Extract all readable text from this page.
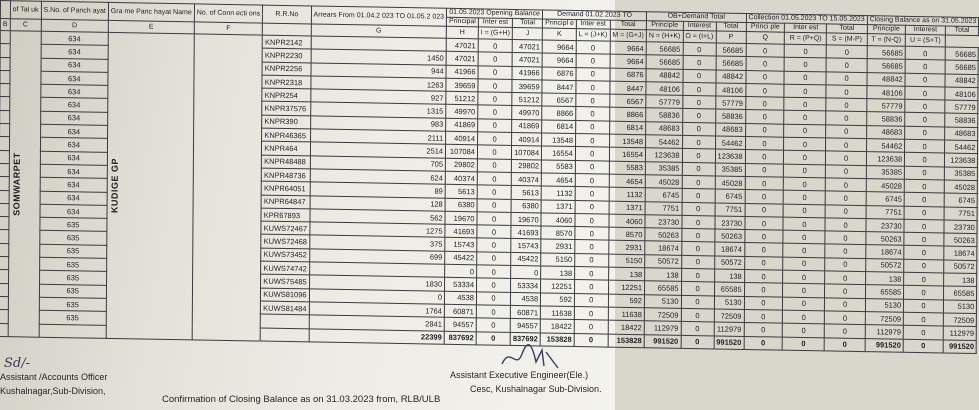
	of Tal uk	S.No. of Panch ayat	Gra me Panc hayat Name	No. of Conn ecti ons	R.R.No	Arrears From 01.04.2 023 TO 01.05.2 023	01.05.2023 Opening Balance			Demand 01.02.2023 TO			OB+Demand Total			Collection 01.05.2023 TO 15.05.2023			Closing Balance as on 31.05.2023		
							Principal	Inter est	Total	Principl e	Inter est	Total	Principle	Interest	Total	Princi ple	Inter est	Total	Principle	Interest	Total
B	C	D	E	F		G	H	I = (G+H)	J	K	L = (J+K)	M = (G+J)	N = (H+K)	O = (I+L)	P	Q	R = (P+Q)	S = (M-P)	T = (N-Q)	U = (S+T)	

	SOMWARPET	634	KUDIGE GP		KNPR2142		47021	0	47021	9664	0	9664	56685	0	56685	0	0	0	56685	0	56685
		634			KNPR2230	1450	47021	0	47021	9664	0	9664	56685	0	56685	0	0	0	56685	0	56685
		634			KNPR2256	944	41966	0	41966	6876	0	6876	48842	0	48842	0	0	0	48842	0	48842
		634			KNPR2318	1263	39659	0	39659	8447	0	8447	48106	0	48106	0	0	0	48106	0	48106
		634			KNPR254	927	51212	0	51212	6567	0	6567	57779	0	57779	0	0	0	57779	0	57779
		634			KNPR37576	1315	49970	0	49970	8866	0	8866	58836	0	58836	0	0	0	58836	0	58836
		634			KNPR390	983	41869	0	41869	6814	0	6814	48683	0	48683	0	0	0	48683	0	48683
		634			KNPR46365	2111	40914	0	40914	13548	0	13548	54462	0	54462	0	0	0	54462	0	54462
		634			KNPR464	2514	107084	0	107084	16554	0	16554	123638	0	123638	0	0	0	123638	0	123638
		634			KNPR48488	705	29802	0	29802	5583	0	5583	35385	0	35385	0	0	0	35385	0	35385
		634			KNPR48736	624	40374	0	40374	4654	0	4654	45028	0	45028	0	0	0	45028	0	45028
		634			KNPR64051	89	5613	0	5613	1132	0	1132	6745	0	6745	0	0	0	6745	0	6745
		634			KNPR64847	128	6380	0	6380	1371	0	1371	7751	0	7751	0	0	0	7751	0	7751
		634			KPR67893	562	19670	0	19670	4060	0	4060	23730	0	23730	0	0	0	23730	0	23730
		635			KUWS72467	1275	41693	0	41693	8570	0	8570	50263	0	50263	0	0	0	50263	0	50263
		635			KUWS72468	375	15743	0	15743	2931	0	2931	18674	0	18674	0	0	0	18674	0	18674
		635			KUWS73452	699	45422	0	45422	5150	0	5150	50572	0	50572	0	0	0	50572	0	50572
		635			KUWS74742		0	0	0	138	0	138	138	0	138	0	0	0	138	0	138
		635			KUWS75485	1830	53334	0	53334	12251	0	12251	65585	0	65585	0	0	0	65585	0	65585
		635			KUWS81096	0	4538	0	4538	592	0	592	5130	0	5130	0	0	0	5130	0	5130
		635			KUWS81484	1764	60871	0	60871	11638	0	11638	72509	0	72509	0	0	0	72509	0	72509
		635				2841	94557	0	94557	18422	0	18422	112979	0	112979	0	0	0	112979	0	112979
						22399	837692	0	837692	153828	0	153828	991520	0	991520	0	0	0	991520	0	991520
Sd/-
Assistant /Accounts Officer
Kushalnagar,Sub-Division,
Assistant Executive Engineer(Ele.)
Cesc, Kushalnagar Sub-Division.
Confirmation of Closing Balance as on 31.03.2023 from, RLB/ULB
